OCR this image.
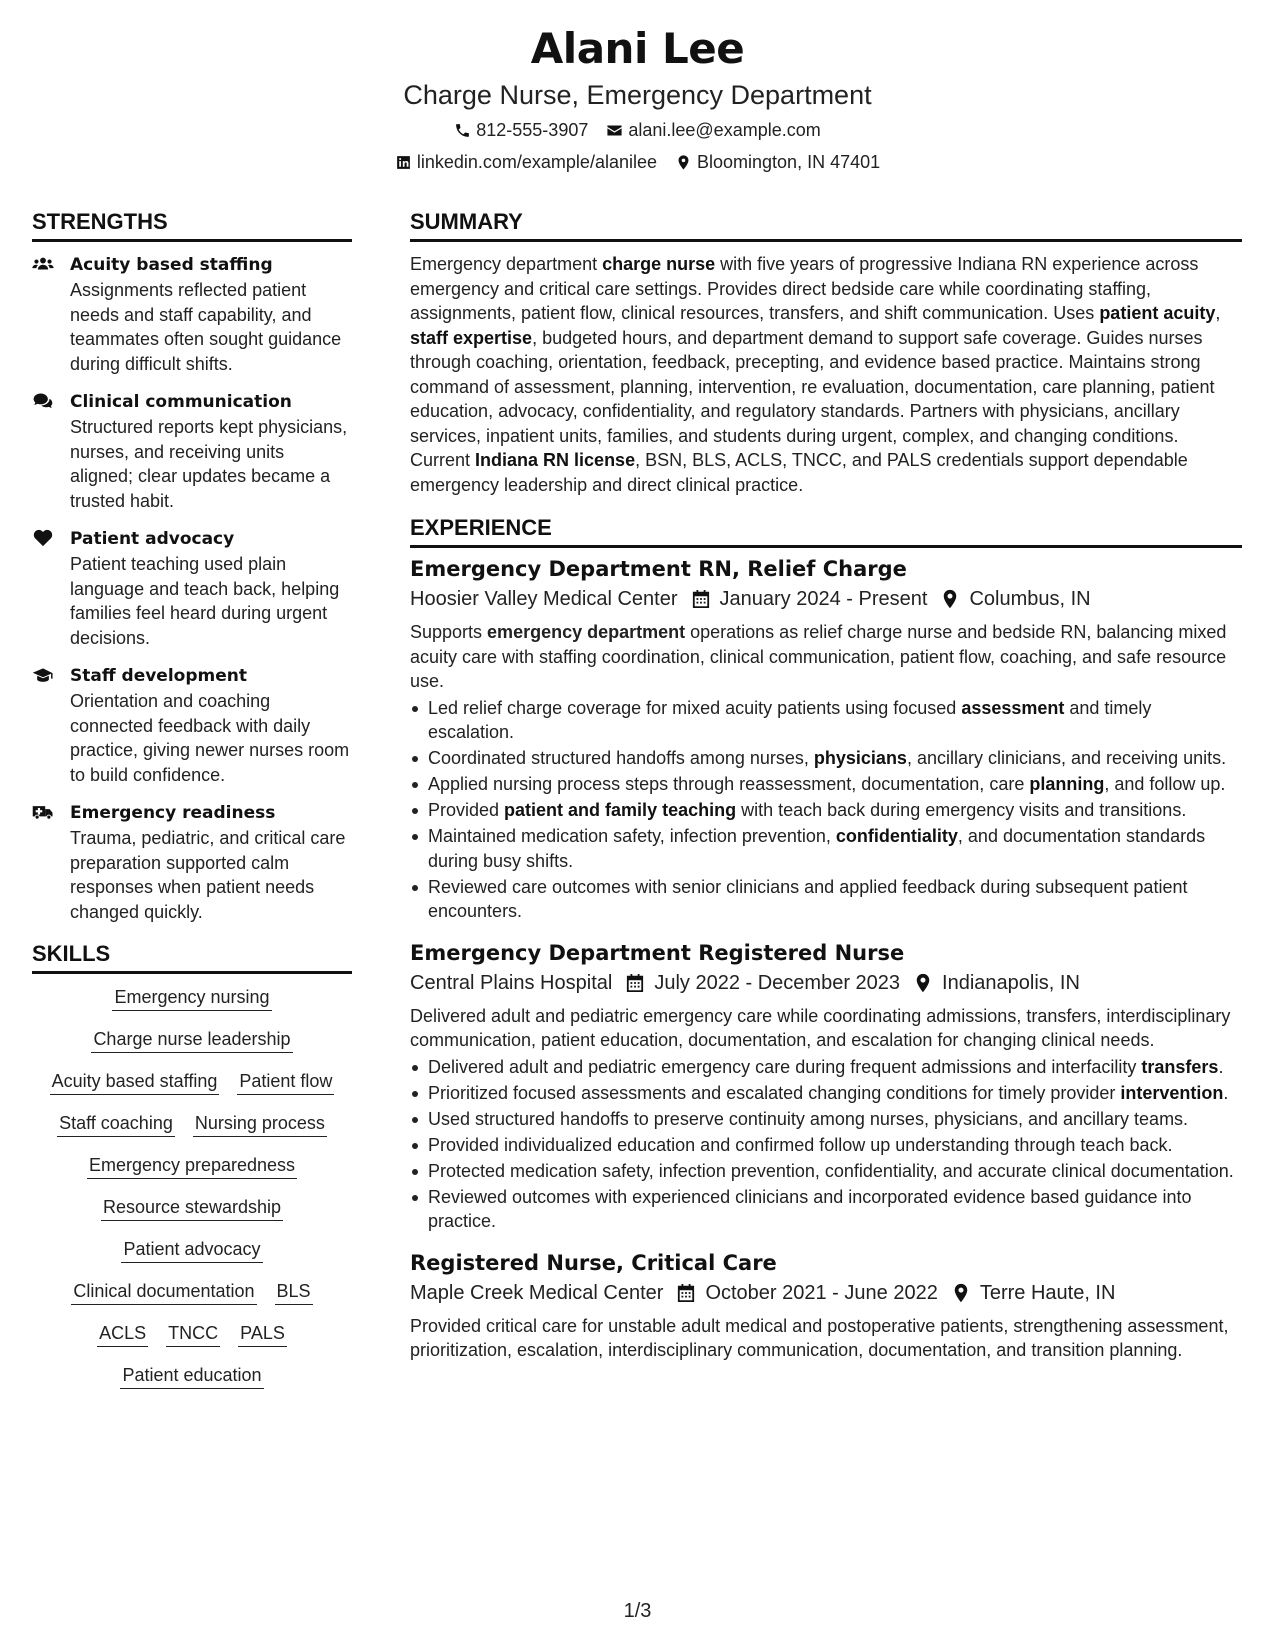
Alani Lee
Charge Nurse, Emergency Department
812-555-3907 alani.lee@example.com
linkedin.com/example/alanilee Bloomington, IN 47401
STRENGTHS
Acuity based staffing
Assignments reflected patient needs and staff capability, and teammates often sought guidance during difficult shifts.
Clinical communication
Structured reports kept physicians, nurses, and receiving units aligned; clear updates became a trusted habit.
Patient advocacy
Patient teaching used plain language and teach back, helping families feel heard during urgent decisions.
Staff development
Orientation and coaching connected feedback with daily practice, giving newer nurses room to build confidence.
Emergency readiness
Trauma, pediatric, and critical care preparation supported calm responses when patient needs changed quickly.
SKILLS
Emergency nursing
Charge nurse leadership
Acuity based staffing Patient flow
Staff coaching Nursing process
Emergency preparedness
Resource stewardship
Patient advocacy
Clinical documentation BLS
ACLS TNCC PALS
Patient education
SUMMARY
Emergency department charge nurse with five years of progressive Indiana RN experience across emergency and critical care settings. Provides direct bedside care while coordinating staffing, assignments, patient flow, clinical resources, transfers, and shift communication. Uses patient acuity, staff expertise, budgeted hours, and department demand to support safe coverage. Guides nurses through coaching, orientation, feedback, precepting, and evidence based practice. Maintains strong command of assessment, planning, intervention, re evaluation, documentation, care planning, patient education, advocacy, confidentiality, and regulatory standards. Partners with physicians, ancillary services, inpatient units, families, and students during urgent, complex, and changing conditions. Current Indiana RN license, BSN, BLS, ACLS, TNCC, and PALS credentials support dependable emergency leadership and direct clinical practice.
EXPERIENCE
Emergency Department RN, Relief Charge
Hoosier Valley Medical Center January 2024 - Present Columbus, IN
Supports emergency department operations as relief charge nurse and bedside RN, balancing mixed acuity care with staffing coordination, clinical communication, patient flow, coaching, and safe resource use.
Led relief charge coverage for mixed acuity patients using focused assessment and timely escalation.
Coordinated structured handoffs among nurses, physicians, ancillary clinicians, and receiving units.
Applied nursing process steps through reassessment, documentation, care planning, and follow up.
Provided patient and family teaching with teach back during emergency visits and transitions.
Maintained medication safety, infection prevention, confidentiality, and documentation standards during busy shifts.
Reviewed care outcomes with senior clinicians and applied feedback during subsequent patient encounters.
Emergency Department Registered Nurse
Central Plains Hospital July 2022 - December 2023 Indianapolis, IN
Delivered adult and pediatric emergency care while coordinating admissions, transfers, interdisciplinary communication, patient education, documentation, and escalation for changing clinical needs.
Delivered adult and pediatric emergency care during frequent admissions and interfacility transfers.
Prioritized focused assessments and escalated changing conditions for timely provider intervention.
Used structured handoffs to preserve continuity among nurses, physicians, and ancillary teams.
Provided individualized education and confirmed follow up understanding through teach back.
Protected medication safety, infection prevention, confidentiality, and accurate clinical documentation.
Reviewed outcomes with experienced clinicians and incorporated evidence based guidance into practice.
Registered Nurse, Critical Care
Maple Creek Medical Center October 2021 - June 2022 Terre Haute, IN
Provided critical care for unstable adult medical and postoperative patients, strengthening assessment, prioritization, escalation, interdisciplinary communication, documentation, and transition planning.
1/3
